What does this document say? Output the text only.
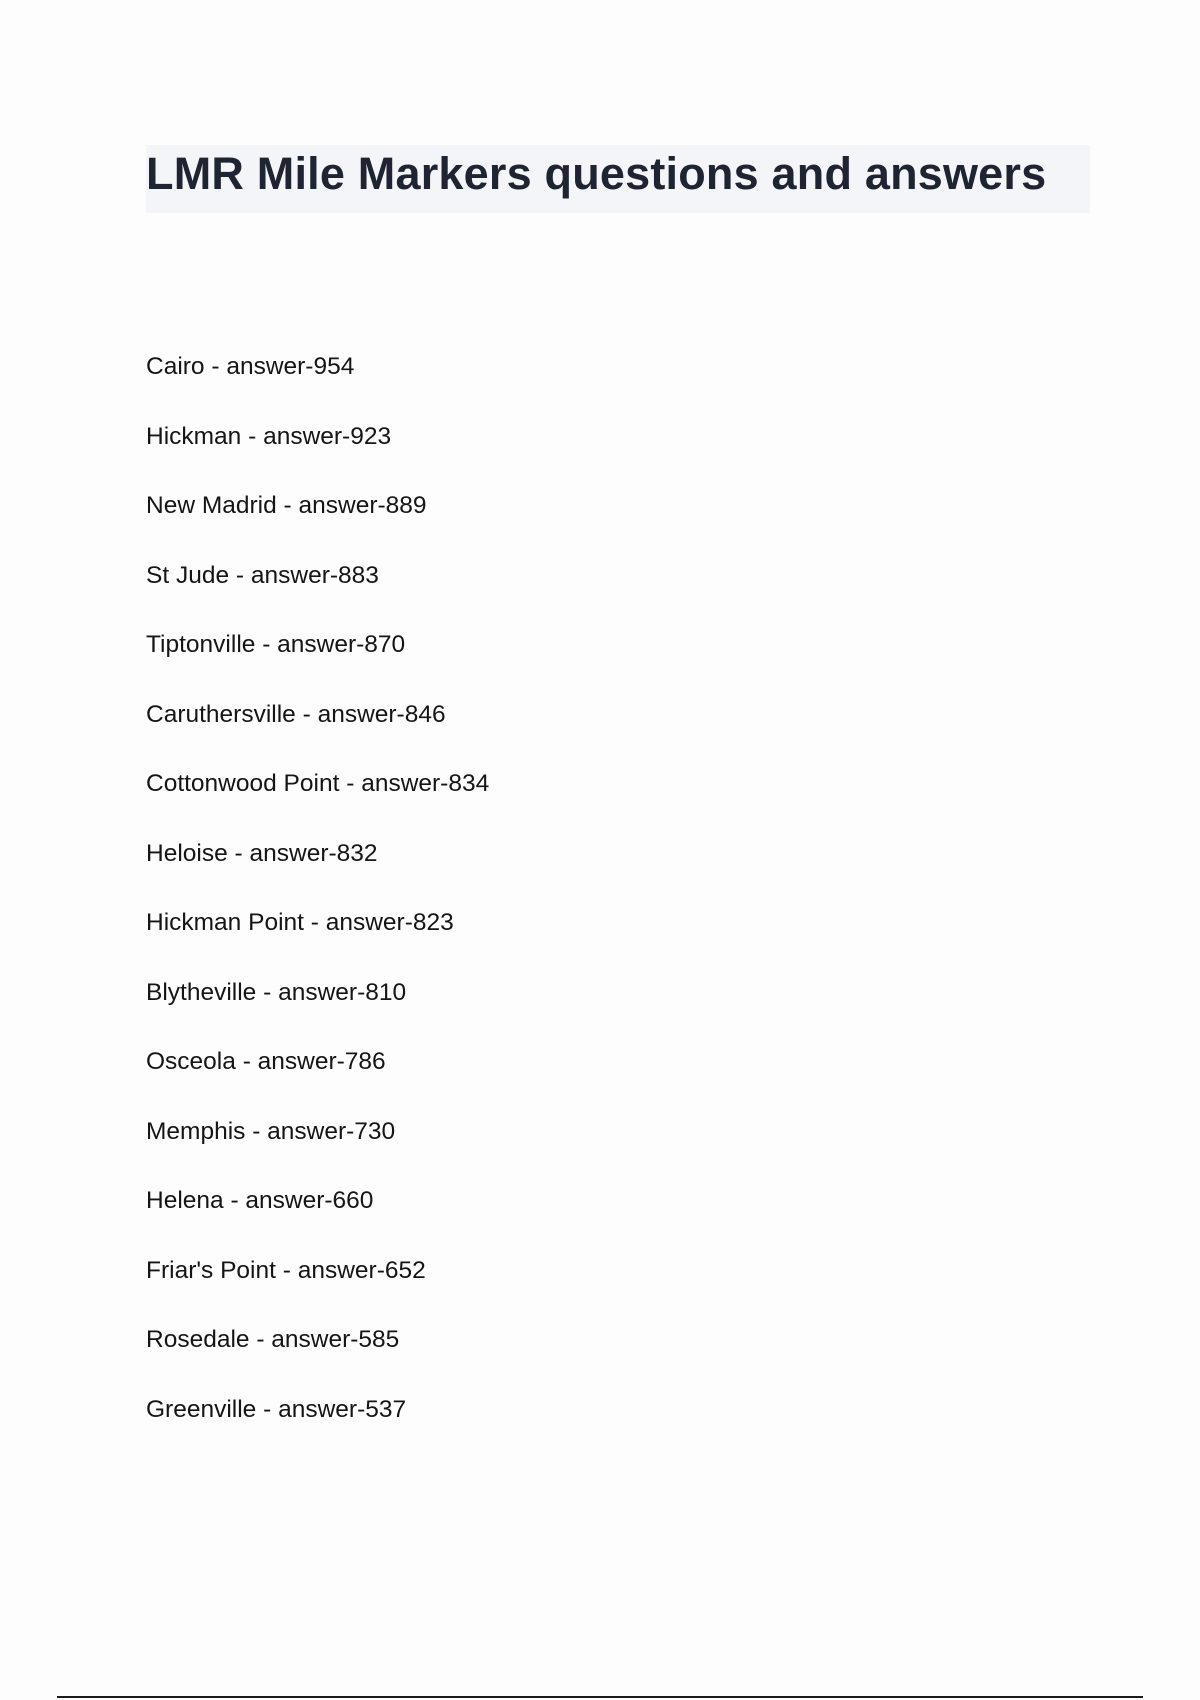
LMR Mile Markers questions and answers
Cairo - answer-954
Hickman - answer-923
New Madrid - answer-889
St Jude - answer-883
Tiptonville - answer-870
Caruthersville - answer-846
Cottonwood Point - answer-834
Heloise - answer-832
Hickman Point - answer-823
Blytheville - answer-810
Osceola - answer-786
Memphis - answer-730
Helena - answer-660
Friar's Point - answer-652
Rosedale - answer-585
Greenville - answer-537
